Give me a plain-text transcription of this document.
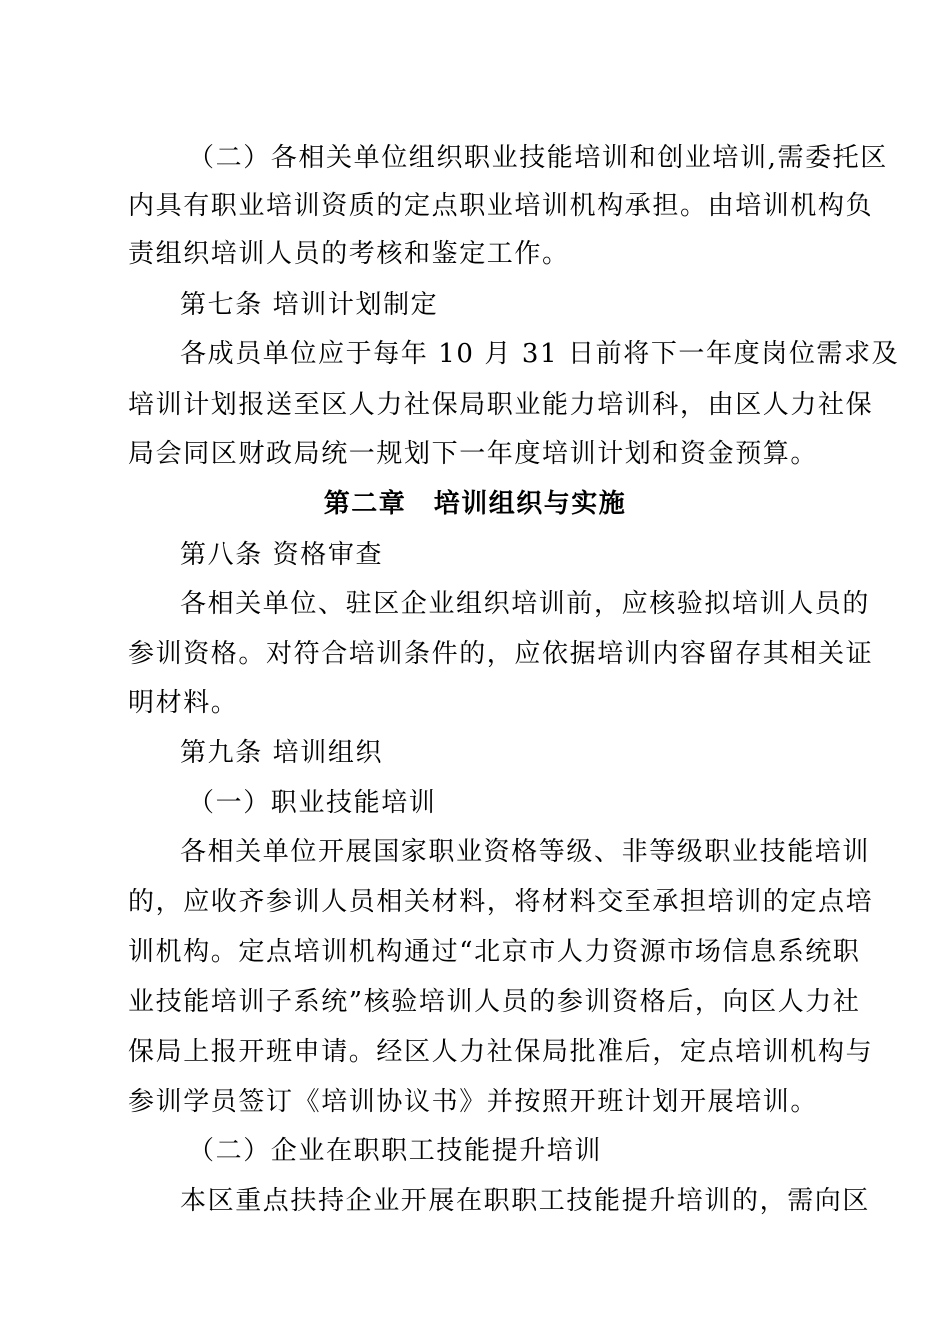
（二）各相关单位组织职业技能培训和创业培训,需委托区
内具有职业培训资质的定点职业培训机构承担。由培训机构负
责组织培训人员的考核和鉴定工作。
第七条 培训计划制定
各成员单位应于每年 10 月 31 日前将下一年度岗位需求及
培训计划报送至区人力社保局职业能力培训科，由区人力社保
局会同区财政局统一规划下一年度培训计划和资金预算。
第二章　培训组织与实施
第八条 资格审查
各相关单位、驻区企业组织培训前，应核验拟培训人员的
参训资格。对符合培训条件的，应依据培训内容留存其相关证
明材料。
第九条 培训组织
（一）职业技能培训
各相关单位开展国家职业资格等级、非等级职业技能培训
的，应收齐参训人员相关材料，将材料交至承担培训的定点培
训机构。定点培训机构通过“北京市人力资源市场信息系统职
业技能培训子系统”核验培训人员的参训资格后，向区人力社
保局上报开班申请。经区人力社保局批准后，定点培训机构与
参训学员签订《培训协议书》并按照开班计划开展培训。
（二）企业在职职工技能提升培训
本区重点扶持企业开展在职职工技能提升培训的，需向区
